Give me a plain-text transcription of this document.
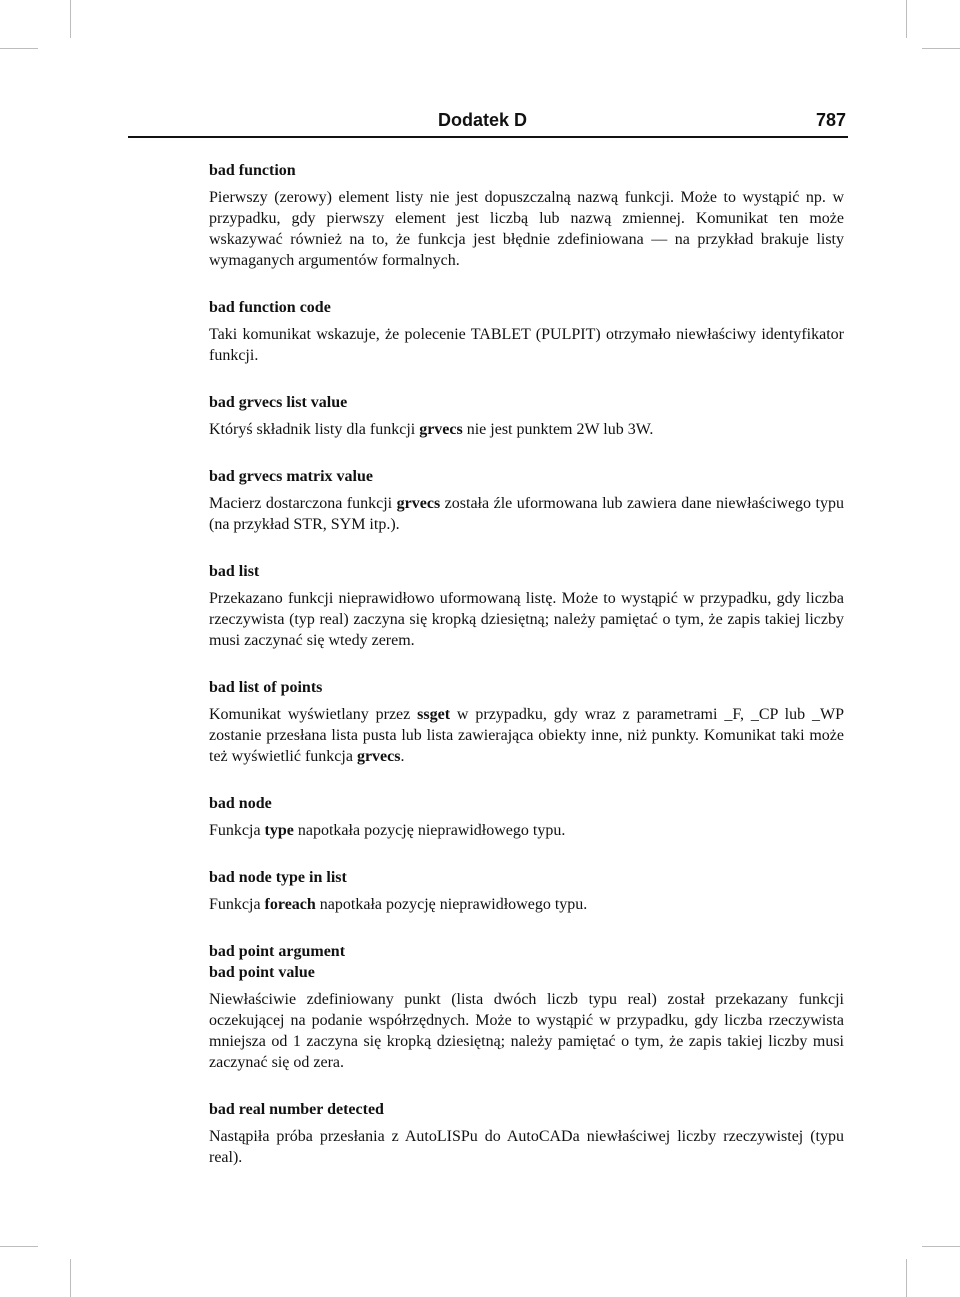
Dodatek D	787
bad function

Pierwszy (zerowy) element listy nie jest dopuszczalną nazwą funkcji. Może to wystąpić np. w przypadku, gdy pierwszy element jest liczbą lub nazwą zmiennej. Komunikat ten może wskazywać również na to, że funkcja jest błędnie zdefiniowana — na przykład brakuje listy wymaganych argumentów formalnych.

bad function code

Taki komunikat wskazuje, że polecenie TABLET (PULPIT) otrzymało niewłaściwy identyfikator funkcji.

bad grvecs list value

Któryś składnik listy dla funkcji grvecs nie jest punktem 2W lub 3W.

bad grvecs matrix value

Macierz dostarczona funkcji grvecs została źle uformowana lub zawiera dane niewłaściwego typu (na przykład STR, SYM itp.).

bad list

Przekazano funkcji nieprawidłowo uformowaną listę. Może to wystąpić w przypadku, gdy liczba rzeczywista (typ real) zaczyna się kropką dziesiętną; należy pamiętać o tym, że zapis takiej liczby musi zaczynać się wtedy zerem.

bad list of points

Komunikat wyświetlany przez ssget w przypadku, gdy wraz z parametrami _F, _CP lub _WP zostanie przesłana lista pusta lub lista zawierająca obiekty inne, niż punkty. Komunikat taki może też wyświetlić funkcja grvecs.

bad node

Funkcja type napotkała pozycję nieprawidłowego typu.

bad node type in list

Funkcja foreach napotkała pozycję nieprawidłowego typu.

bad point argument
bad point value

Niewłaściwie zdefiniowany punkt (lista dwóch liczb typu real) został przekazany funkcji oczekującej na podanie współrzędnych. Może to wystąpić w przypadku, gdy liczba rzeczywista mniejsza od 1 zaczyna się kropką dziesiętną; należy pamiętać o tym, że zapis takiej liczby musi zaczynać się od zera.

bad real number detected

Nastąpiła próba przesłania z AutoLISPu do AutoCADa niewłaściwej liczby rzeczywistej (typu real).
